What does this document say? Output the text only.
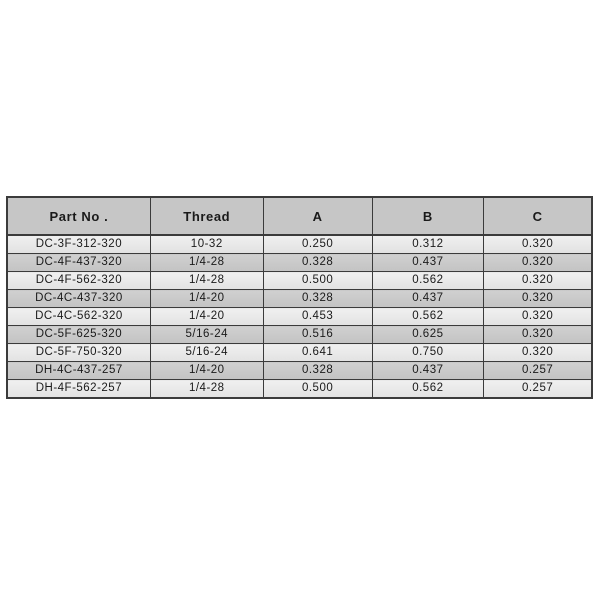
Part No .	Thread	A	B	C
DC-3F-312-320	10-32	0.250	0.312	0.320
DC-4F-437-320	1/4-28	0.328	0.437	0.320
DC-4F-562-320	1/4-28	0.500	0.562	0.320
DC-4C-437-320	1/4-20	0.328	0.437	0.320
DC-4C-562-320	1/4-20	0.453	0.562	0.320
DC-5F-625-320	5/16-24	0.516	0.625	0.320
DC-5F-750-320	5/16-24	0.641	0.750	0.320
DH-4C-437-257	1/4-20	0.328	0.437	0.257
DH-4F-562-257	1/4-28	0.500	0.562	0.257
